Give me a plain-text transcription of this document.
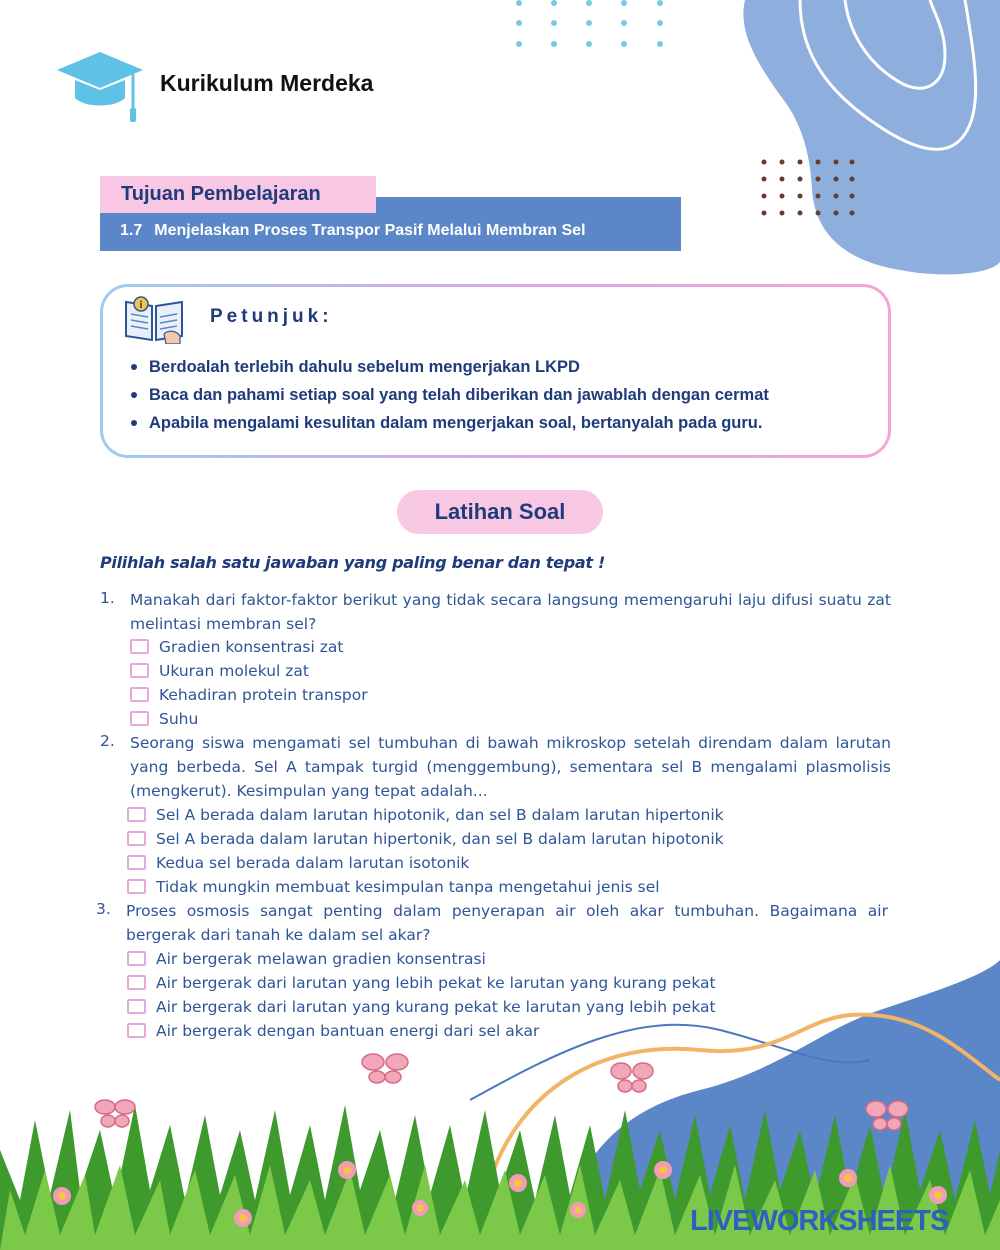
Kurikulum Merdeka
Tujuan Pembelajaran
1.7 Menjelaskan Proses Transpor Pasif Melalui Membran Sel
i
Petunjuk:
Berdoalah terlebih dahulu sebelum mengerjakan LKPD
Baca dan pahami setiap soal yang telah diberikan dan jawablah dengan cermat
Apabila mengalami kesulitan dalam mengerjakan soal, bertanyalah pada guru.
Latihan Soal
Pilihlah salah satu jawaban yang paling benar dan tepat !
1. Manakah dari faktor-faktor berikut yang tidak secara langsung memengaruhi laju difusi suatu zat melintasi membran sel?
Gradien konsentrasi zat
Ukuran molekul zat
Kehadiran protein transpor
Suhu
2. Seorang siswa mengamati sel tumbuhan di bawah mikroskop setelah direndam dalam larutan yang berbeda. Sel A tampak turgid (menggembung), sementara sel B mengalami plasmolisis (mengkerut). Kesimpulan yang tepat adalah...
Sel A berada dalam larutan hipotonik, dan sel B dalam larutan hipertonik
Sel A berada dalam larutan hipertonik, dan sel B dalam larutan hipotonik
Kedua sel berada dalam larutan isotonik
Tidak mungkin membuat kesimpulan tanpa mengetahui jenis sel
3. Proses osmosis sangat penting dalam penyerapan air oleh akar tumbuhan. Bagaimana air bergerak dari tanah ke dalam sel akar?
Air bergerak melawan gradien konsentrasi
Air bergerak dari larutan yang lebih pekat ke larutan yang kurang pekat
Air bergerak dari larutan yang kurang pekat ke larutan yang lebih pekat
Air bergerak dengan bantuan energi dari sel akar
LIVEWORKSHEETS
